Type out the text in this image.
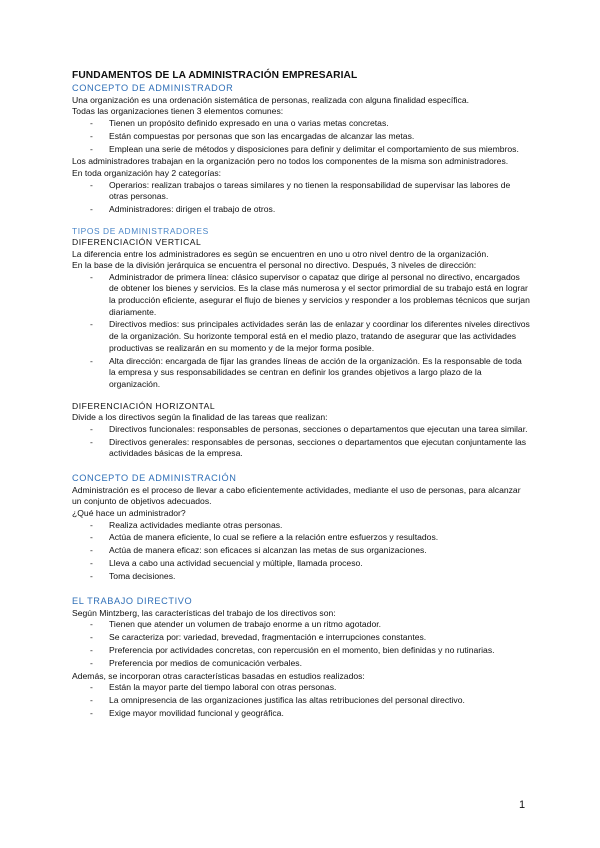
FUNDAMENTOS DE LA ADMINISTRACIÓN EMPRESARIAL
CONCEPTO DE ADMINISTRADOR

Una organización es una ordenación sistemática de personas, realizada con alguna finalidad específica.

Todas las organizaciones tienen 3 elementos comunes:

- Tienen un propósito definido expresado en una o varias metas concretas.
- Están compuestas por personas que son las encargadas de alcanzar las metas.
- Emplean una serie de métodos y disposiciones para definir y delimitar el comportamiento de sus miembros.

Los administradores trabajan en la organización pero no todos los componentes de la misma son administradores.

En toda organización hay 2 categorías:

- Operarios: realizan trabajos o tareas similares y no tienen la responsabilidad de supervisar las labores de otras personas.
- Administradores: dirigen el trabajo de otros.
TIPOS DE ADMINISTRADORES

DIFERENCIACIÓN VERTICAL

La diferencia entre los administradores es según se encuentren en uno u otro nivel dentro de la organización.

En la base de la división jerárquica se encuentra el personal no directivo. Después, 3 niveles de dirección:

- Administrador de primera línea: clásico supervisor o capataz que dirige al personal no directivo, encargados de obtener los bienes y servicios. Es la clase más numerosa y el sector primordial de su trabajo está en lograr la producción eficiente, asegurar el flujo de bienes y servicios y responder a los problemas técnicos que surjan diariamente.
- Directivos medios: sus principales actividades serán las de enlazar y coordinar los diferentes niveles directivos de la organización. Su horizonte temporal está en el medio plazo, tratando de asegurar que las actividades productivas se realizarán en su momento y de la mejor forma posible.
- Alta dirección: encargada de fijar las grandes líneas de acción de la organización. Es la responsable de toda la empresa y sus responsabilidades se centran en definir los grandes objetivos a largo plazo de la organización.

DIFERENCIACIÓN HORIZONTAL

Divide a los directivos según la finalidad de las tareas que realizan:

- Directivos funcionales: responsables de personas, secciones o departamentos que ejecutan una tarea similar.
- Directivos generales: responsables de personas, secciones o departamentos que ejecutan conjuntamente las actividades básicas de la empresa.
CONCEPTO DE ADMINISTRACIÓN

Administración es el proceso de llevar a cabo eficientemente actividades, mediante el uso de personas, para alcanzar un conjunto de objetivos adecuados.

¿Qué hace un administrador?

- Realiza actividades mediante otras personas.
- Actúa de manera eficiente, lo cual se refiere a la relación entre esfuerzos y resultados.
- Actúa de manera eficaz: son eficaces si alcanzan las metas de sus organizaciones.
- Lleva a cabo una actividad secuencial y múltiple, llamada proceso.
- Toma decisiones.
EL TRABAJO DIRECTIVO

Según Mintzberg, las características del trabajo de los directivos son:

- Tienen que atender un volumen de trabajo enorme a un ritmo agotador.
- Se caracteriza por: variedad, brevedad, fragmentación e interrupciones constantes.
- Preferencia por actividades concretas, con repercusión en el momento, bien definidas y no rutinarias.
- Preferencia por medios de comunicación verbales.

Además, se incorporan otras características basadas en estudios realizados:

- Están la mayor parte del tiempo laboral con otras personas.
- La omnipresencia de las organizaciones justifica las altas retribuciones del personal directivo.
- Exige mayor movilidad funcional y geográfica.
1
